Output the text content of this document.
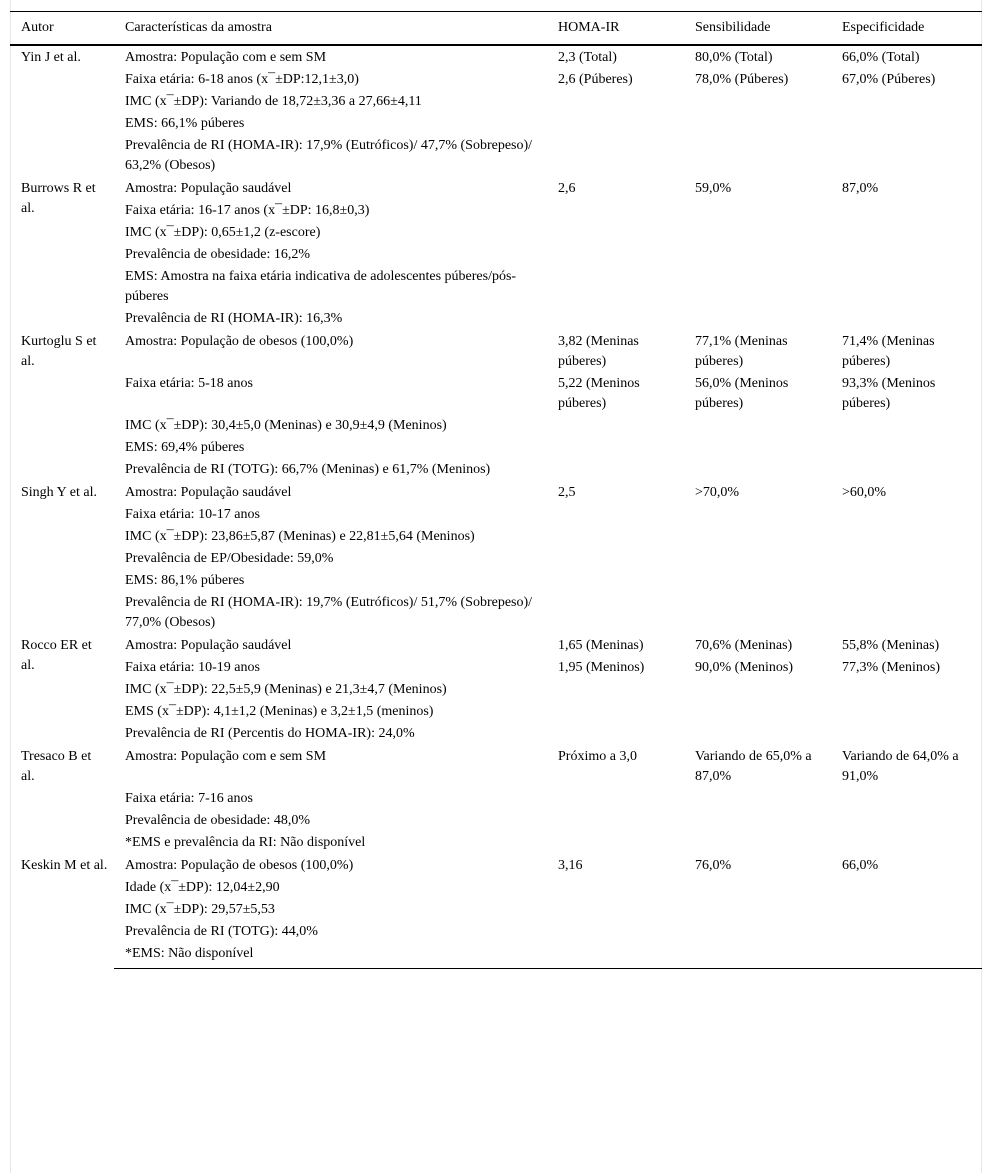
Autor	Características da amostra	HOMA-IR	Sensibilidade	Especificidade
Yin J et al.	Amostra: População com e sem SM	2,3 (Total)	80,0% (Total)	66,0% (Total)
	Faixa etária: 6-18 anos (x¯±DP:12,1±3,0)	2,6 (Púberes)	78,0% (Púberes)	67,0% (Púberes)
	IMC (x¯±DP): Variando de 18,72±3,36 a 27,66±4,11			
	EMS: 66,1% púberes			
	Prevalência de RI (HOMA-IR): 17,9% (Eutróficos)/ 47,7% (Sobrepeso)/ 63,2% (Obesos)			
Burrows R et al.	Amostra: População saudável	2,6	59,0%	87,0%
	Faixa etária: 16-17 anos (x¯±DP: 16,8±0,3)			
	IMC (x¯±DP): 0,65±1,2 (z-escore)			
	Prevalência de obesidade: 16,2%			
	EMS: Amostra na faixa etária indicativa de adolescentes púberes/pós-púberes			
	Prevalência de RI (HOMA-IR): 16,3%			
Kurtoglu S et al.	Amostra: População de obesos (100,0%)	3,82 (Meninas púberes)	77,1% (Meninas púberes)	71,4% (Meninas púberes)
	Faixa etária: 5-18 anos	5,22 (Meninos púberes)	56,0% (Meninos púberes)	93,3% (Meninos púberes)
	IMC (x¯±DP): 30,4±5,0 (Meninas) e 30,9±4,9 (Meninos)			
	EMS: 69,4% púberes			
	Prevalência de RI (TOTG): 66,7% (Meninas) e 61,7% (Meninos)			
Singh Y et al.	Amostra: População saudável	2,5	>70,0%	>60,0%
	Faixa etária: 10-17 anos			
	IMC (x¯±DP): 23,86±5,87 (Meninas) e 22,81±5,64 (Meninos)			
	Prevalência de EP/Obesidade: 59,0%			
	EMS: 86,1% púberes			
	Prevalência de RI (HOMA-IR): 19,7% (Eutróficos)/ 51,7% (Sobrepeso)/ 77,0% (Obesos)			
Rocco ER et al.	Amostra: População saudável	1,65 (Meninas)	70,6% (Meninas)	55,8% (Meninas)
	Faixa etária: 10-19 anos	1,95 (Meninos)	90,0% (Meninos)	77,3% (Meninos)
	IMC (x¯±DP): 22,5±5,9 (Meninas) e 21,3±4,7 (Meninos)			
	EMS (x¯±DP): 4,1±1,2 (Meninas) e 3,2±1,5 (meninos)			
	Prevalência de RI (Percentis do HOMA-IR): 24,0%			
Tresaco B et al.	Amostra: População com e sem SM	Próximo a 3,0	Variando de 65,0% a 87,0%	Variando de 64,0% a 91,0%
	Faixa etária: 7-16 anos			
	Prevalência de obesidade: 48,0%			
	*EMS e prevalência da RI: Não disponível			
Keskin M et al.	Amostra: População de obesos (100,0%)	3,16	76,0%	66,0%
	Idade (x¯±DP): 12,04±2,90			
	IMC (x¯±DP): 29,57±5,53			
	Prevalência de RI (TOTG): 44,0%			
	*EMS: Não disponível			
